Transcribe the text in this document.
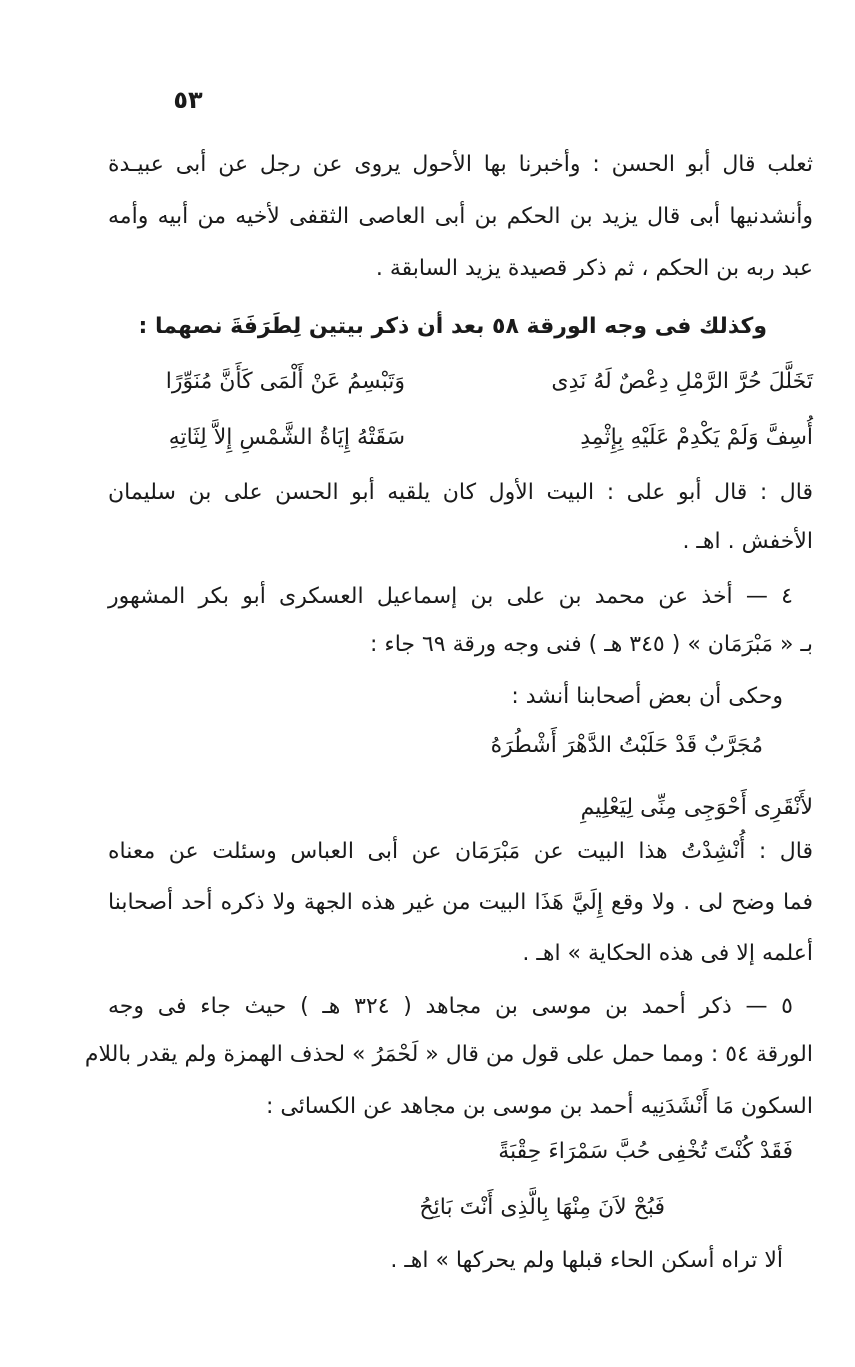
٥٣

ثعلب قال أبو الحسن : وأخبرنا بها الأحول يروى عن رجل عن أبى عبيـدة

وأنشدنيها أبى قال يزيد بن الحكم بن أبى العاصى الثقفى لأخيه من أبيه وأمه

عبد ربه بن الحكم ، ثم ذكر قصيدة يزيد السابقة .

وكذلك فى وجه الورقة ٥٨ بعد أن ذكر بيتين لِطَرَفَةَ نصهما :

وَتَبْسِمُ عَنْ أَلْمَى كَأَنَّ مُنَوِّرًا	تَخَلَّلَ حُرَّ الرَّمْلِ دِعْصٌ لَهُ نَدِى

سَقَتْهُ إِيَاةُ الشَّمْسِ إِلاَّ لِثَاتِهِ	أُسِفَّ وَلَمْ يَكْدِمْ عَلَيْهِ بِإِثْمِدِ

قال : قال أبو على : البيت الأول كان يلقيه أبو الحسن على بن سليمان

الأخفش . اهـ .

٤ — أخذ عن محمد بن على بن إسماعيل العسكرى أبو بكر المشهور

بـ « مَبْرَمَان » ( ٣٤٥ هـ ) فنى وجه ورقة ٦٩ جاء :

وحكى أن بعض أصحابنا أنشد :

مُجَرَّبٌ قَدْ حَلَبْتُ الدَّهْرَ أَشْطُرَهُ

لأَنْقَرِى أَحْوَجِى مِنِّى لِيَعْلِيمِ

قال : أُنْشِدْتُ هذا البيت عن مَبْرَمَان عن أبى العباس وسئلت عن معناه

فما وضح لى . ولا وقع إِلَيَّ هَذَا البيت من غير هذه الجهة ولا ذكره أحد أصحابنا

أعلمه إلا فى هذه الحكاية » اهـ .

٥ — ذكر أحمد بن موسى بن مجاهد ( ٣٢٤ هـ ) حيث جاء فى وجه

الورقة ٥٤ : ومما حمل على قول من قال « لَحْمَرُ » لحذف الهمزة ولم يقدر باللام

السكون مَا أَنْشَدَنِيه أحمد بن موسى بن مجاهد عن الكسائى :

فَقَدْ كُنْتَ تُخْفِى حُبَّ سَمْرَاءَ حِقْبَةً

فَبُحْ لاَنَ مِنْهَا بِالَّذِى أَنْتَ بَائِحُ

ألا تراه أسكن الحاء قبلها ولم يحركها » اهـ .
